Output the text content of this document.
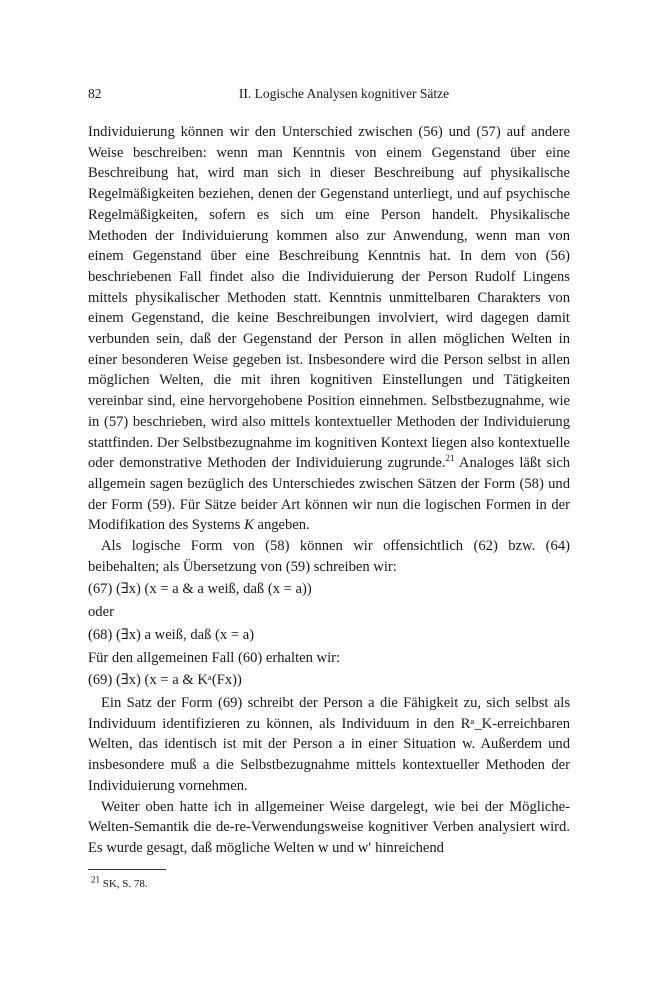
82	II. Logische Analysen kognitiver Sätze

Individuierung können wir den Unterschied zwischen (56) und (57) auf andere Weise beschreiben: wenn man Kenntnis von einem Gegenstand über eine Beschreibung hat, wird man sich in dieser Beschreibung auf physikalische Regelmäßigkeiten beziehen, denen der Gegenstand unterliegt, und auf psychische Regelmäßigkeiten, sofern es sich um eine Person handelt. Physikalische Methoden der Individuierung kommen also zur Anwendung, wenn man von einem Gegenstand über eine Beschreibung Kenntnis hat. In dem von (56) beschriebenen Fall findet also die Individuierung der Person Rudolf Lingens mittels physikalischer Methoden statt. Kenntnis unmittelbaren Charakters von einem Gegenstand, die keine Beschreibungen involviert, wird dagegen damit verbunden sein, daß der Gegenstand der Person in allen möglichen Welten in einer besonderen Weise gegeben ist. Insbesondere wird die Person selbst in allen möglichen Welten, die mit ihren kognitiven Einstellungen und Tätigkeiten vereinbar sind, eine hervorgehobene Position einnehmen. Selbstbezugnahme, wie in (57) beschrieben, wird also mittels kontextueller Methoden der Individuierung stattfinden. Der Selbstbezugnahme im kognitiven Kontext liegen also kontextuelle oder demonstrative Methoden der Individuierung zugrunde.$^{21}$ Analoges läßt sich allgemein sagen bezüglich des Unterschiedes zwischen Sätzen der Form (58) und der Form (59). Für Sätze beider Art können wir nun die logischen Formen in der Modifikation des Systems K angeben.

Als logische Form von (58) können wir offensichtlich (62) bzw. (64) beibehalten; als Übersetzung von (59) schreiben wir:

(67) (∃x) (x = a & a weiß, daß (x = a))

oder

(68) (∃x) a weiß, daß (x = a)

Für den allgemeinen Fall (60) erhalten wir:

(69) (∃x) (x = a & Kᵃ(Fx))

Ein Satz der Form (69) schreibt der Person a die Fähigkeit zu, sich selbst als Individuum identifizieren zu können, als Individuum in den Rᵃ_K-erreichbaren Welten, das identisch ist mit der Person a in einer Situation w. Außerdem und insbesondere muß a die Selbstbezugnahme mittels kontextueller Methoden der Individuierung vornehmen.

Weiter oben hatte ich in allgemeiner Weise dargelegt, wie bei der Mögliche-Welten-Semantik die de-re-Verwendungsweise kognitiver Verben analysiert wird. Es wurde gesagt, daß mögliche Welten w und w′ hinreichend

$^{21}$ SK, S. 78.
